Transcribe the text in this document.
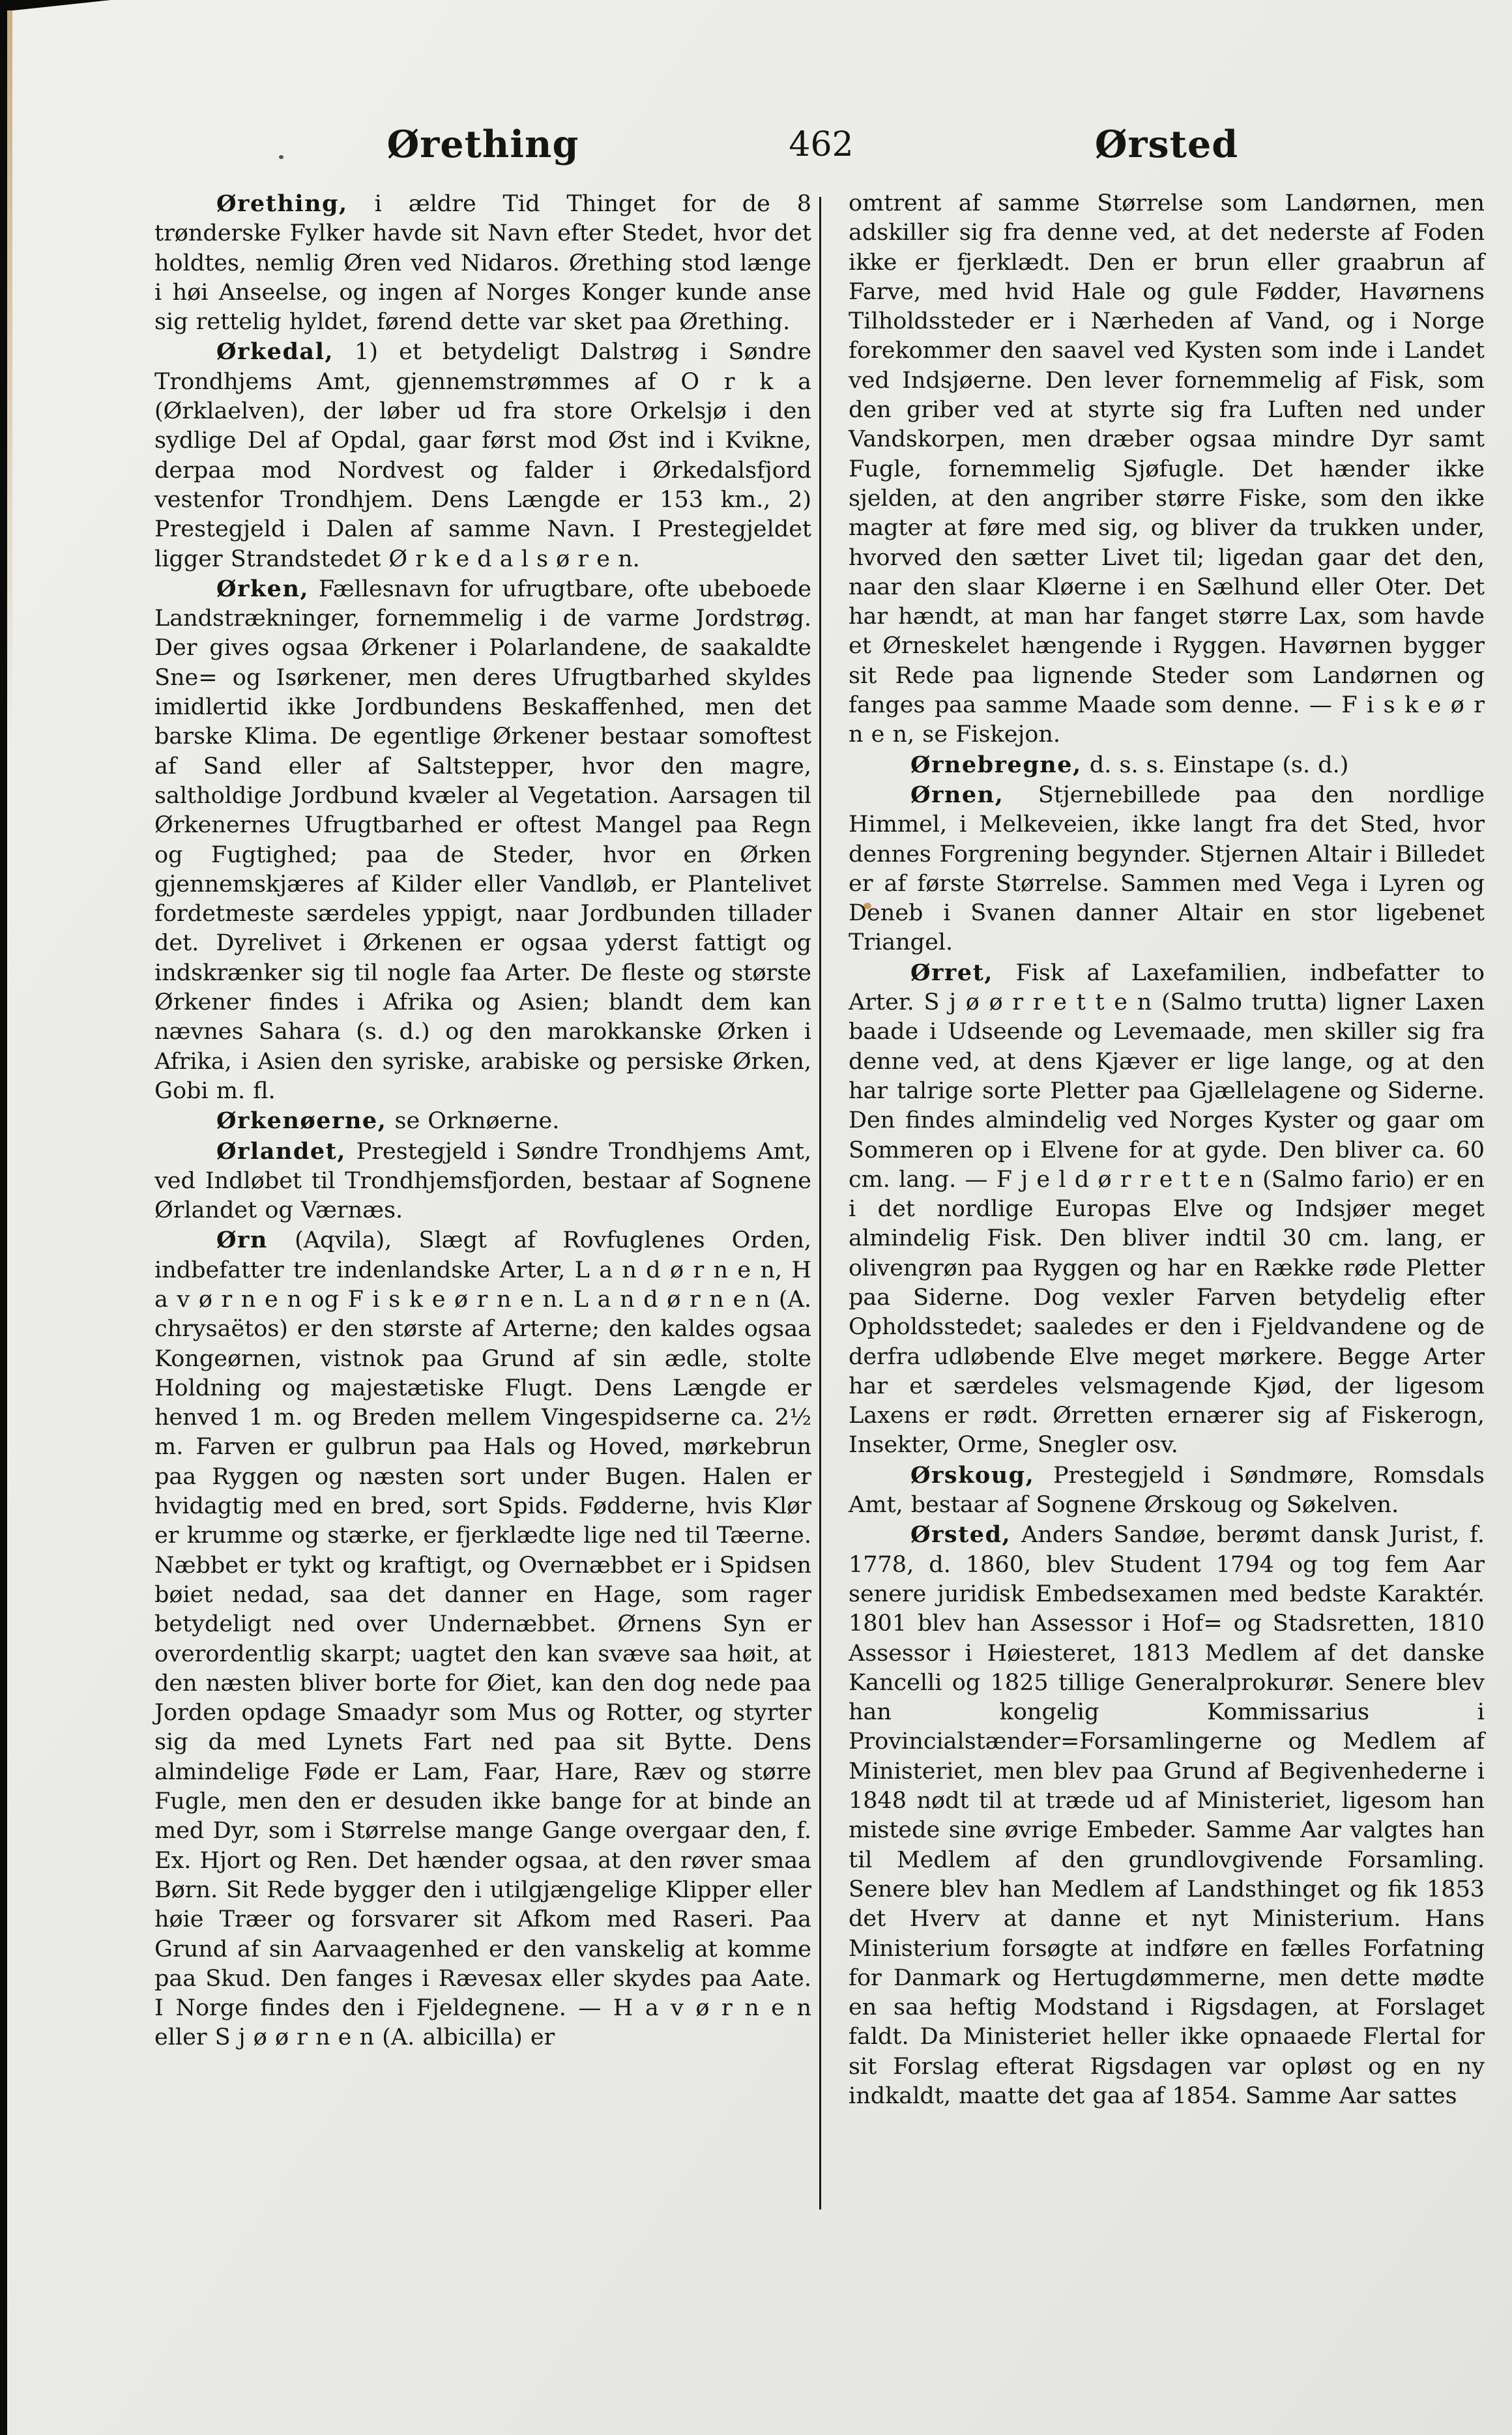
Ørething	462	Ørsted

Ørething, i ældre Tid Thinget for de 8 trønderske Fylker havde sit Navn efter Stedet, hvor det holdtes, nemlig Øren ved Nidaros. Ørething stod længe i høi Anseelse, og ingen af Norges Konger kunde anse sig rettelig hyldet, førend dette var sket paa Ørething.

Ørkedal, 1) et betydeligt Dalstrøg i Søndre Trondhjems Amt, gjennemstrømmes af O r k a (Ørklaelven), der løber ud fra store Orkelsjø i den sydlige Del af Opdal, gaar først mod Øst ind i Kvikne, derpaa mod Nordvest og falder i Ørkedalsfjord vestenfor Trondhjem. Dens Længde er 153 km., 2) Prestegjeld i Dalen af samme Navn. I Prestegjeldet ligger Strandstedet Ø r k e d a l s ø r e n.

Ørken, Fællesnavn for ufrugtbare, ofte ubeboede Landstrækninger, fornemmelig i de varme Jordstrøg. Der gives ogsaa Ørkener i Polarlandene, de saakaldte Sne= og Isørkener, men deres Ufrugtbarhed skyldes imidlertid ikke Jordbundens Beskaffenhed, men det barske Klima. De egentlige Ørkener bestaar somoftest af Sand eller af Saltstepper, hvor den magre, saltholdige Jordbund kvæler al Vegetation. Aarsagen til Ørkenernes Ufrugtbarhed er oftest Mangel paa Regn og Fugtighed; paa de Steder, hvor en Ørken gjennemskjæres af Kilder eller Vandløb, er Plantelivet fordetmeste særdeles yppigt, naar Jordbunden tillader det. Dyrelivet i Ørkenen er ogsaa yderst fattigt og indskrænker sig til nogle faa Arter. De fleste og største Ørkener findes i Afrika og Asien; blandt dem kan nævnes Sahara (s. d.) og den marokkanske Ørken i Afrika, i Asien den syriske, arabiske og persiske Ørken, Gobi m. fl.

Ørkenøerne, se Orknøerne.

Ørlandet, Prestegjeld i Søndre Trondhjems Amt, ved Indløbet til Trondhjemsfjorden, bestaar af Sognene Ørlandet og Værnæs.

Ørn (Aqvila), Slægt af Rovfuglenes Orden, indbefatter tre indenlandske Arter, L a n d ø r n e n, H a v ø r n e n og F i s k e ø r n e n. L a n d ø r n e n (A. chrysaëtos) er den største af Arterne; den kaldes ogsaa Kongeørnen, vistnok paa Grund af sin ædle, stolte Holdning og majestætiske Flugt. Dens Længde er henved 1 m. og Breden mellem Vingespidserne ca. 2½ m. Farven er gulbrun paa Hals og Hoved, mørkebrun paa Ryggen og næsten sort under Bugen. Halen er hvidagtig med en bred, sort Spids. Fødderne, hvis Klør er krumme og stærke, er fjerklædte lige ned til Tæerne. Næbbet er tykt og kraftigt, og Overnæbbet er i Spidsen bøiet nedad, saa det danner en Hage, som rager betydeligt ned over Undernæbbet. Ørnens Syn er overordentlig skarpt; uagtet den kan svæve saa høit, at den næsten bliver borte for Øiet, kan den dog nede paa Jorden opdage Smaadyr som Mus og Rotter, og styrter sig da med Lynets Fart ned paa sit Bytte. Dens almindelige Føde er Lam, Faar, Hare, Ræv og større Fugle, men den er desuden ikke bange for at binde an med Dyr, som i Størrelse mange Gange overgaar den, f. Ex. Hjort og Ren. Det hænder ogsaa, at den røver smaa Børn. Sit Rede bygger den i utilgjængelige Klipper eller høie Træer og forsvarer sit Afkom med Raseri. Paa Grund af sin Aarvaagenhed er den vanskelig at komme paa Skud. Den fanges i Rævesax eller skydes paa Aate. I Norge findes den i Fjeldegnene. — H a v ø r n e n eller S j ø ø r n e n (A. albicilla) er

omtrent af samme Størrelse som Landørnen, men adskiller sig fra denne ved, at det nederste af Foden ikke er fjerklædt. Den er brun eller graabrun af Farve, med hvid Hale og gule Fødder, Havørnens Tilholdssteder er i Nærheden af Vand, og i Norge forekommer den saavel ved Kysten som inde i Landet ved Indsjøerne. Den lever fornemmelig af Fisk, som den griber ved at styrte sig fra Luften ned under Vandskorpen, men dræber ogsaa mindre Dyr samt Fugle, fornemmelig Sjøfugle. Det hænder ikke sjelden, at den angriber større Fiske, som den ikke magter at føre med sig, og bliver da trukken under, hvorved den sætter Livet til; ligedan gaar det den, naar den slaar Kløerne i en Sælhund eller Oter. Det har hændt, at man har fanget større Lax, som havde et Ørneskelet hængende i Ryggen. Havørnen bygger sit Rede paa lignende Steder som Landørnen og fanges paa samme Maade som denne. — F i s k e ø r n e n, se Fiskejon.

Ørnebregne, d. s. s. Einstape (s. d.)

Ørnen, Stjernebillede paa den nordlige Himmel, i Melkeveien, ikke langt fra det Sted, hvor dennes Forgrening begynder. Stjernen Altair i Billedet er af første Størrelse. Sammen med Vega i Lyren og Deneb i Svanen danner Altair en stor ligebenet Triangel.

Ørret, Fisk af Laxefamilien, indbefatter to Arter. S j ø ø r r e t t e n (Salmo trutta) ligner Laxen baade i Udseende og Levemaade, men skiller sig fra denne ved, at dens Kjæver er lige lange, og at den har talrige sorte Pletter paa Gjællelagene og Siderne. Den findes almindelig ved Norges Kyster og gaar om Sommeren op i Elvene for at gyde. Den bliver ca. 60 cm. lang. — F j e l d ø r r e t t e n (Salmo fario) er en i det nordlige Europas Elve og Indsjøer meget almindelig Fisk. Den bliver indtil 30 cm. lang, er olivengrøn paa Ryggen og har en Række røde Pletter paa Siderne. Dog vexler Farven betydelig efter Opholdsstedet; saaledes er den i Fjeldvandene og de derfra udløbende Elve meget mørkere. Begge Arter har et særdeles velsmagende Kjød, der ligesom Laxens er rødt. Ørretten ernærer sig af Fiskerogn, Insekter, Orme, Snegler osv.

Ørskoug, Prestegjeld i Søndmøre, Romsdals Amt, bestaar af Sognene Ørskoug og Søkelven.

Ørsted, Anders Sandøe, berømt dansk Jurist, f. 1778, d. 1860, blev Student 1794 og tog fem Aar senere juridisk Embedsexamen med bedste Karaktér. 1801 blev han Assessor i Hof= og Stadsretten, 1810 Assessor i Høiesteret, 1813 Medlem af det danske Kancelli og 1825 tillige Generalprokurør. Senere blev han kongelig Kommissarius i Provincialstænder=Forsamlingerne og Medlem af Ministeriet, men blev paa Grund af Begivenhederne i 1848 nødt til at træde ud af Ministeriet, ligesom han mistede sine øvrige Embeder. Samme Aar valgtes han til Medlem af den grundlovgivende Forsamling. Senere blev han Medlem af Landsthinget og fik 1853 det Hverv at danne et nyt Ministerium. Hans Ministerium forsøgte at indføre en fælles Forfatning for Danmark og Hertugdømmerne, men dette mødte en saa heftig Modstand i Rigsdagen, at Forslaget faldt. Da Ministeriet heller ikke opnaaede Flertal for sit Forslag efterat Rigsdagen var opløst og en ny indkaldt, maatte det gaa af 1854. Samme Aar sattes
